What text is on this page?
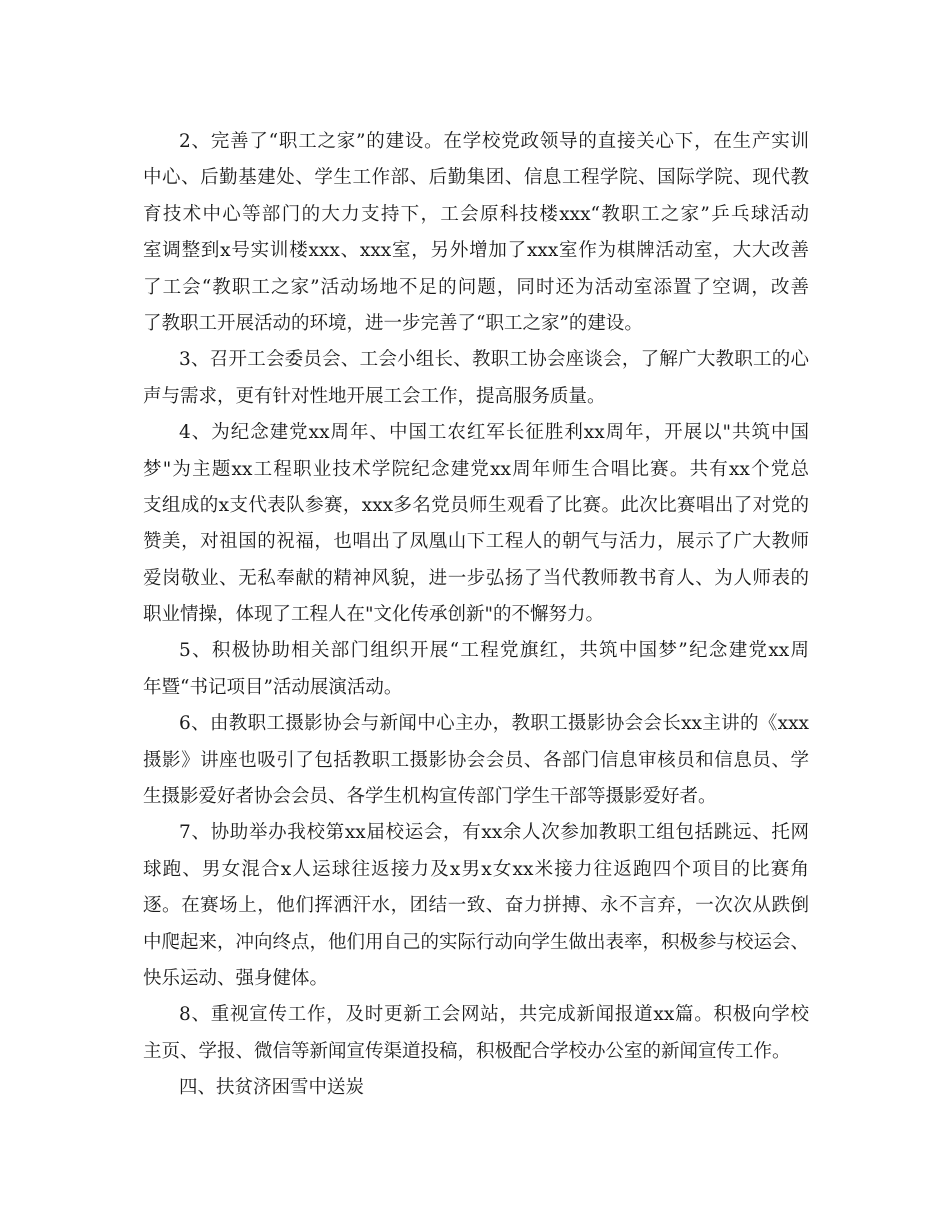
2、完善了“职工之家”的建设。在学校党政领导的直接关心下，在生产实训
中心、后勤基建处、学生工作部、后勤集团、信息工程学院、国际学院、现代教
育技术中心等部门的大力支持下，工会原科技楼xxx“教职工之家”乒乓球活动
室调整到x号实训楼xxx、xxx室，另外增加了xxx室作为棋牌活动室，大大改善
了工会“教职工之家”活动场地不足的问题，同时还为活动室添置了空调，改善
了教职工开展活动的环境，进一步完善了“职工之家”的建设。
3、召开工会委员会、工会小组长、教职工协会座谈会，了解广大教职工的心
声与需求，更有针对性地开展工会工作，提高服务质量。
4、为纪念建党xx周年、中国工农红军长征胜利xx周年，开展以"共筑中国
梦"为主题xx工程职业技术学院纪念建党xx周年师生合唱比赛。共有xx个党总
支组成的x支代表队参赛，xxx多名党员师生观看了比赛。此次比赛唱出了对党的
赞美，对祖国的祝福，也唱出了凤凰山下工程人的朝气与活力，展示了广大教师
爱岗敬业、无私奉献的精神风貌，进一步弘扬了当代教师教书育人、为人师表的
职业情操，体现了工程人在"文化传承创新"的不懈努力。
5、积极协助相关部门组织开展“工程党旗红，共筑中国梦”纪念建党xx周
年暨“书记项目”活动展演活动。
6、由教职工摄影协会与新闻中心主办，教职工摄影协会会长xx主讲的《xxx
摄影》讲座也吸引了包括教职工摄影协会会员、各部门信息审核员和信息员、学
生摄影爱好者协会会员、各学生机构宣传部门学生干部等摄影爱好者。
7、协助举办我校第xx届校运会，有xx余人次参加教职工组包括跳远、托网
球跑、男女混合x人运球往返接力及x男x女xx米接力往返跑四个项目的比赛角
逐。在赛场上，他们挥洒汗水，团结一致、奋力拼搏、永不言弃，一次次从跌倒
中爬起来，冲向终点，他们用自己的实际行动向学生做出表率，积极参与校运会、
快乐运动、强身健体。
8、重视宣传工作，及时更新工会网站，共完成新闻报道xx篇。积极向学校
主页、学报、微信等新闻宣传渠道投稿，积极配合学校办公室的新闻宣传工作。
四、扶贫济困雪中送炭
